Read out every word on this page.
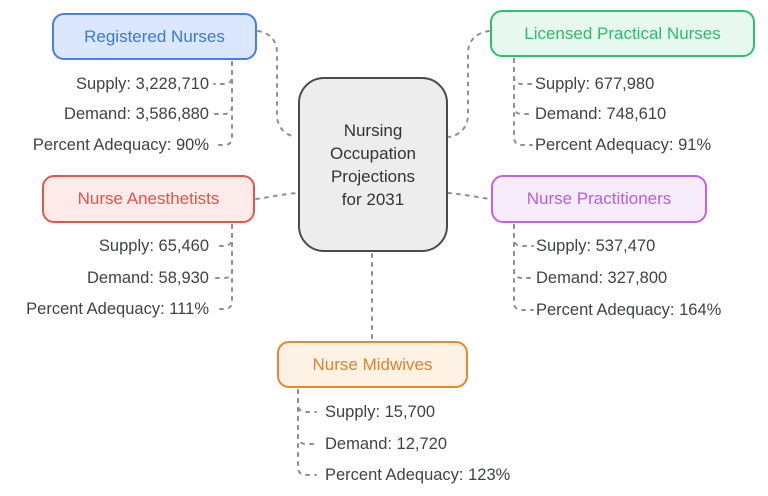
Nursing
Occupation
Projections
for 2031
Registered Nurses
Supply: 3,228,710
Demand: 3,586,880
Percent Adequacy: 90%
Licensed Practical Nurses
Supply: 677,980
Demand: 748,610
Percent Adequacy: 91%
Nurse Anesthetists
Supply: 65,460
Demand: 58,930
Percent Adequacy: 111%
Nurse Practitioners
Supply: 537,470
Demand: 327,800
Percent Adequacy: 164%
Nurse Midwives
Supply: 15,700
Demand: 12,720
Percent Adequacy: 123%
